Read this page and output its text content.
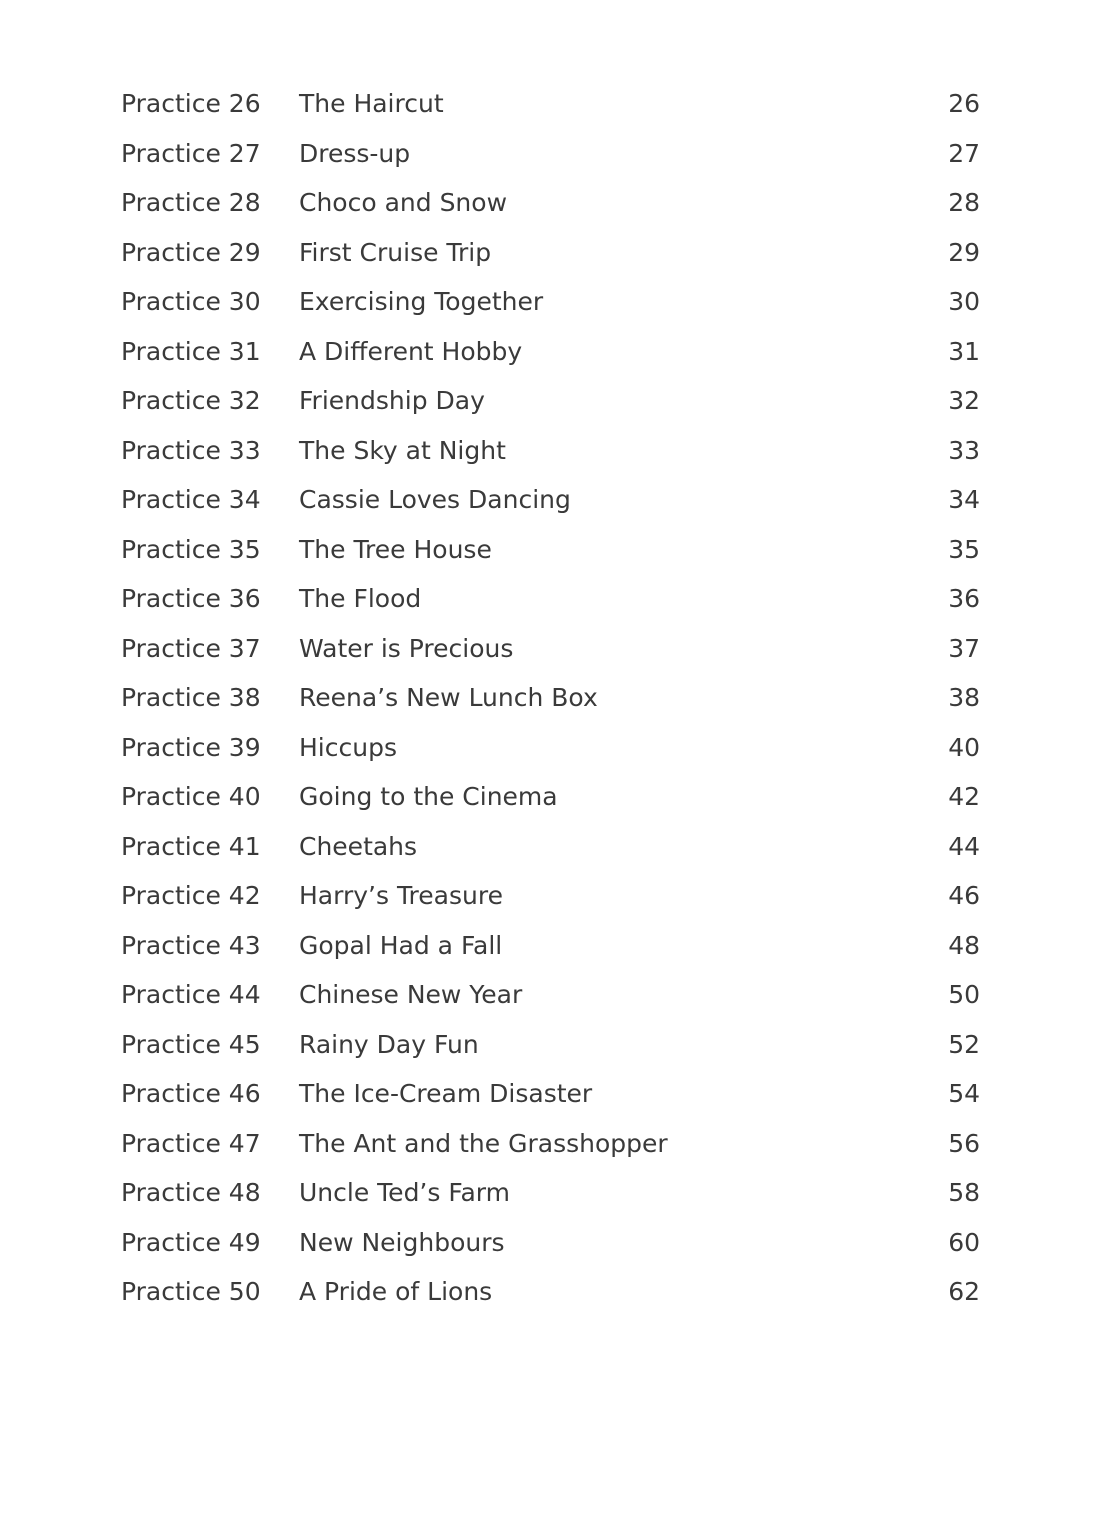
Practice 26 The Haircut	26
Practice 27 Dress-up	27
Practice 28 Choco and Snow	28
Practice 29 First Cruise Trip	29
Practice 30 Exercising Together	30
Practice 31 A Different Hobby	31
Practice 32 Friendship Day	32
Practice 33 The Sky at Night	33
Practice 34 Cassie Loves Dancing	34
Practice 35 The Tree House	35
Practice 36 The Flood	36
Practice 37 Water is Precious	37
Practice 38 Reena’s New Lunch Box	38
Practice 39 Hiccups	40
Practice 40 Going to the Cinema	42
Practice 41 Cheetahs	44
Practice 42 Harry’s Treasure	46
Practice 43 Gopal Had a Fall	48
Practice 44 Chinese New Year	50
Practice 45 Rainy Day Fun	52
Practice 46 The Ice-Cream Disaster	54
Practice 47 The Ant and the Grasshopper	56
Practice 48 Uncle Ted’s Farm	58
Practice 49 New Neighbours	60
Practice 50 A Pride of Lions	62
